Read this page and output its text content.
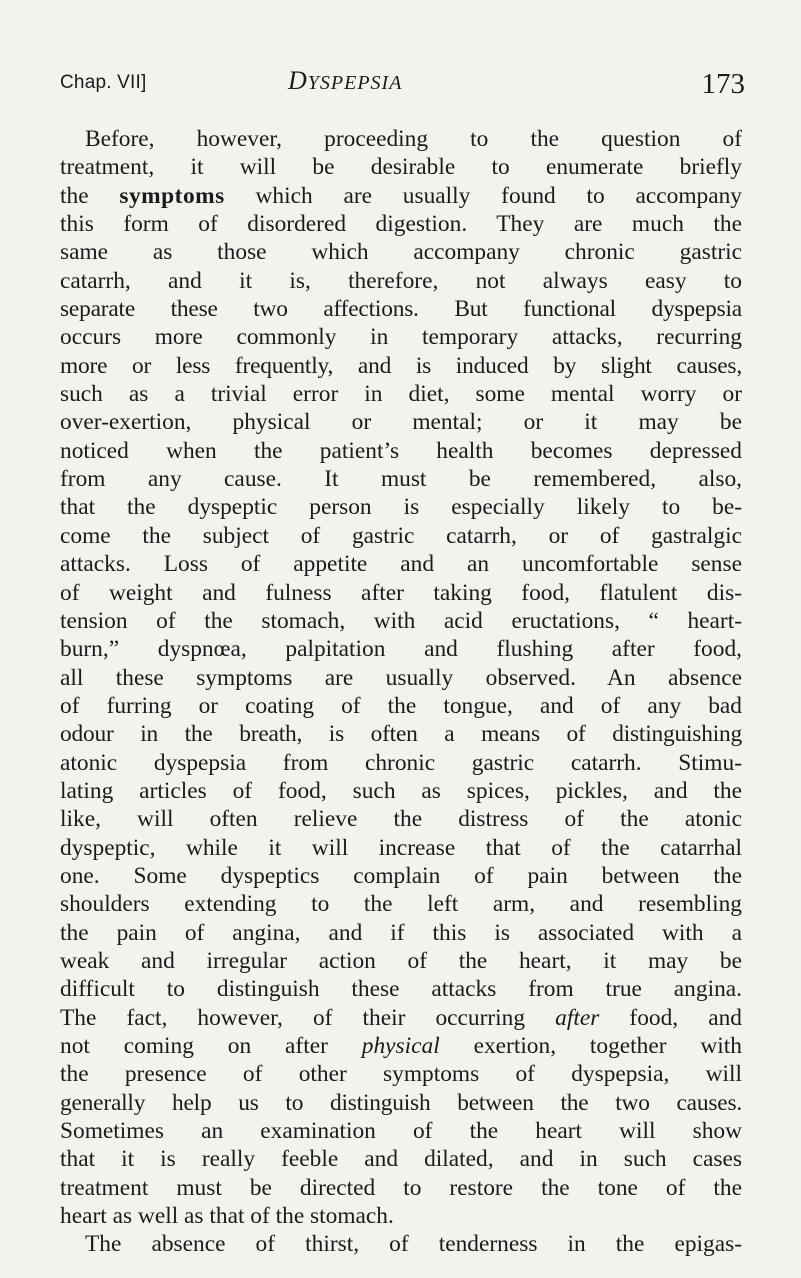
Chap. VII]	DYSPEPSIA	173
Before, however, proceeding to the question of
treatment, it will be desirable to enumerate briefly
the symptoms which are usually found to accompany
this form of disordered digestion. They are much the
same as those which accompany chronic gastric
catarrh, and it is, therefore, not always easy to
separate these two affections. But functional dyspepsia
occurs more commonly in temporary attacks, recurring
more or less frequently, and is induced by slight causes,
such as a trivial error in diet, some mental worry or
over-exertion, physical or mental; or it may be
noticed when the patient’s health becomes depressed
from any cause. It must be remembered, also,
that the dyspeptic person is especially likely to be-
come the subject of gastric catarrh, or of gastralgic
attacks. Loss of appetite and an uncomfortable sense
of weight and fulness after taking food, flatulent dis-
tension of the stomach, with acid eructations, “ heart-
burn,” dyspnœa, palpitation and flushing after food,
all these symptoms are usually observed. An absence
of furring or coating of the tongue, and of any bad
odour in the breath, is often a means of distinguishing
atonic dyspepsia from chronic gastric catarrh. Stimu-
lating articles of food, such as spices, pickles, and the
like, will often relieve the distress of the atonic
dyspeptic, while it will increase that of the catarrhal
one. Some dyspeptics complain of pain between the
shoulders extending to the left arm, and resembling
the pain of angina, and if this is associated with a
weak and irregular action of the heart, it may be
difficult to distinguish these attacks from true angina.
The fact, however, of their occurring after food, and
not coming on after physical exertion, together with
the presence of other symptoms of dyspepsia, will
generally help us to distinguish between the two causes.
Sometimes an examination of the heart will show
that it is really feeble and dilated, and in such cases
treatment must be directed to restore the tone of the
heart as well as that of the stomach.
The absence of thirst, of tenderness in the epigas-
